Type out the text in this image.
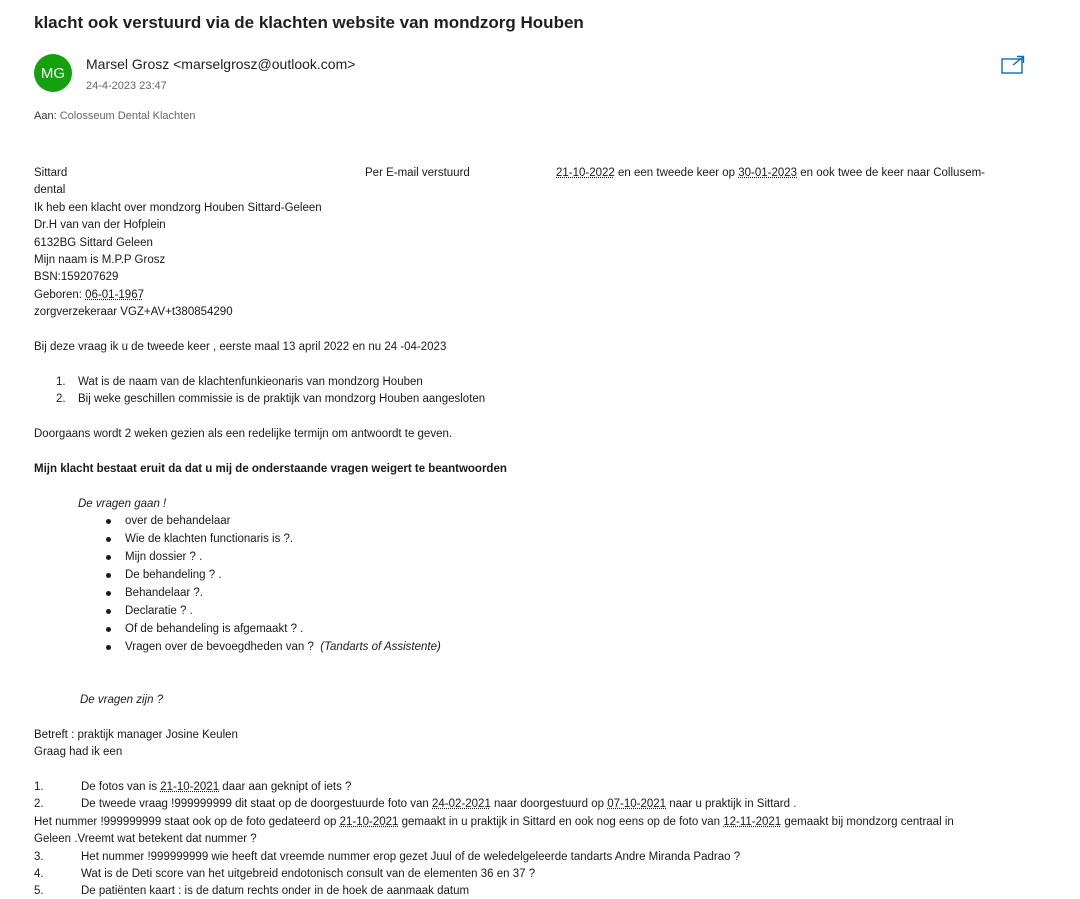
klacht ook verstuurd via de klachten website van mondzorg Houben
MG
Marsel Grosz <marselgrosz@outlook.com>
24-4-2023 23:47
Aan: Colosseum Dental Klachten
Sittard	Per E-mail verstuurd	21-10-2022 en een tweede keer op 30-01-2023 en ook twee de keer naar Collusem-
dental
Ik heb een klacht over mondzorg Houben Sittard-Geleen
Dr.H van van der Hofplein
6132BG Sittard Geleen
Mijn naam is M.P.P Grosz
BSN:159207629
Geboren: 06-01-1967
zorgverzekeraar VGZ+AV+t380854290
Bij deze vraag ik u de tweede keer , eerste maal 13 april 2022 en nu 24 -04-2023
1. Wat is de naam van de klachtenfunkieonaris van mondzorg Houben
2. Bij weke geschillen commissie is de praktijk van mondzorg Houben aangesloten
Doorgaans wordt 2 weken gezien als een redelijke termijn om antwoordt te geven.
Mijn klacht bestaat eruit da dat u mij de onderstaande vragen weigert te beantwoorden
De vragen gaan !
over de behandelaar
Wie de klachten functionaris is ?.
Mijn dossier ? .
De behandeling ? .
Behandelaar ?.
Declaratie ? .
Of de behandeling is afgemaakt ? .
Vragen over de bevoegdheden van ? (Tandarts of Assistente)
De vragen zijn ?
Betreft : praktijk manager Josine Keulen
Graag had ik een
1.	De fotos van is 21-10-2021 daar aan geknipt of iets ?
2.	De tweede vraag !999999999 dit staat op de doorgestuurde foto van 24-02-2021 naar doorgestuurd op 07-10-2021 naar u praktijk in Sittard .
Het nummer !999999999 staat ook op de foto gedateerd op 21-10-2021 gemaakt in u praktijk in Sittard en ook nog eens op de foto van 12-11-2021 gemaakt bij mondzorg centraal in
Geleen .Vreemt wat betekent dat nummer ?
3.	Het nummer !999999999 wie heeft dat vreemde nummer erop gezet Juul of de weledelgeleerde tandarts Andre Miranda Padrao ?
4.	Wat is de Deti score van het uitgebreid endotonisch consult van de elementen 36 en 37 ?
5.	De patiënten kaart : is de datum rechts onder in de hoek de aanmaak datum
